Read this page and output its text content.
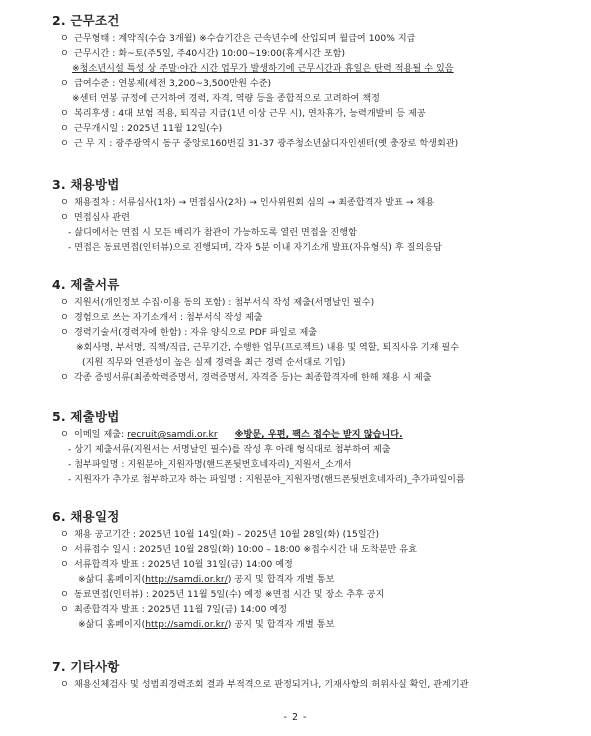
2. 근무조건
ㅇ 근무형태 : 계약직(수습 3개월) ※수습기간은 근속년수에 산입되며 월급여 100% 지급
ㅇ 근무시간 : 화~토(주5일, 주40시간) 10:00~19:00(휴게시간 포함)
※청소년시설 특성 상 주말·야간 시간 업무가 발생하기에 근무시간과 휴일은 탄력 적용될 수 있음
ㅇ 급여수준 : 연봉제(세전 3,200~3,500만원 수준)
※센터 연봉 규정에 근거하여 경력, 자격, 역량 등을 종합적으로 고려하여 책정
ㅇ 복리후생 : 4대 보험 적용, 퇴직금 지급(1년 이상 근무 시), 연차휴가, 능력개발비 등 제공
ㅇ 근무개시일 : 2025년 11월 12일(수)
ㅇ 근 무 지 : 광주광역시 동구 중앙로160번길 31-37 광주청소년삶디자인센터(옛 충장로 학생회관)
3. 채용방법
ㅇ 채용절차 : 서류심사(1차) → 면접심사(2차) → 인사위원회 심의 → 최종합격자 발표 → 채용
ㅇ 면접심사 관련
- 삶디에서는 면접 시 모든 배리가 참관이 가능하도록 열린 면접을 진행함
- 면접은 동료면접(인터뷰)으로 진행되며, 각자 5분 이내 자기소개 발표(자유형식) 후 질의응답
4. 제출서류
ㅇ 지원서(개인정보 수집·이용 동의 포함) : 첨부서식 작성 제출(서명날인 필수)
ㅇ 경험으로 쓰는 자기소개서 : 첨부서식 작성 제출
ㅇ 경력기술서(경력자에 한함) : 자유 양식으로 PDF 파일로 제출
※회사명, 부서명, 직책/직급, 근무기간, 수행한 업무(프로젝트) 내용 및 역할, 퇴직사유 기재 필수
(지원 직무와 연관성이 높은 실제 경력을 최근 경력 순서대로 기입)
ㅇ 각종 증빙서류(최종학력증명서, 경력증명서, 자격증 등)는 최종합격자에 한해 채용 시 제출
5. 제출방법
ㅇ 이메일 제출: recruit@samdi.or.kr ※방문, 우편, 팩스 접수는 받지 않습니다.
- 상기 제출서류(지원서는 서명날인 필수)를 작성 후 아래 형식대로 첨부하여 제출
- 첨부파일명 : 지원분야_지원자명(핸드폰뒷번호네자리)_지원서_소개서
- 지원자가 추가로 첨부하고자 하는 파일명 : 지원분야_지원자명(핸드폰뒷번호네자리)_추가파일이름
6. 채용일정
ㅇ 채용 공고기간 : 2025년 10월 14일(화) – 2025년 10월 28일(화) (15일간)
ㅇ 서류접수 일시 : 2025년 10월 28일(화) 10:00 – 18:00 ※접수시간 내 도착분만 유효
ㅇ 서류합격자 발표 : 2025년 10월 31일(금) 14:00 예정
※삶디 홈페이지(http://samdi.or.kr/) 공지 및 합격자 개별 통보
ㅇ 동료면접(인터뷰) : 2025년 11월 5일(수) 예정 ※면접 시간 및 장소 추후 공지
ㅇ 최종합격자 발표 : 2025년 11월 7일(금) 14:00 예정
※삶디 홈페이지(http://samdi.or.kr/) 공지 및 합격자 개별 통보
7. 기타사항
ㅇ 채용신체검사 및 성범죄경력조회 결과 부적격으로 판정되거나, 기재사항의 허위사실 확인, 관계기관
- 2 -
